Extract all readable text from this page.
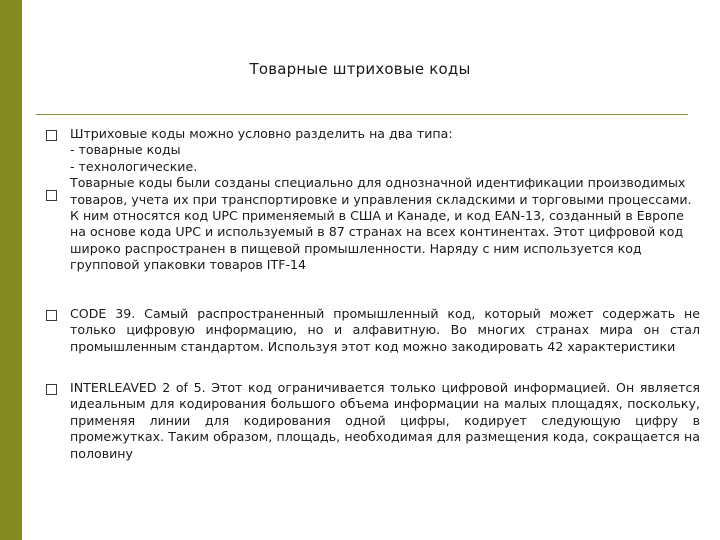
Товарные штриховые коды

Штриховые коды можно условно разделить на два типа:
- товарные коды
- технологические.
Товарные коды были созданы специально для однозначной идентификации производимых товаров, учета их при транспортировке и управления складскими и торговыми процессами. К ним относятся код UPC применяемый в США и Канаде, и код EAN-13, созданный в Европе на основе кода UPC и используемый в 87 странах на всех континентах. Этот цифровой код широко распространен в пищевой промышленности. Наряду с ним используется код групповой упаковки товаров ITF-14

CODE 39. Самый распространенный промышленный код, который может содержать не только цифровую информацию, но и алфавитную. Во многих странах мира он стал промышленным стандартом. Используя этот код можно закодировать 42 характеристики

INTERLEAVED 2 of 5. Этот код ограничивается только цифровой информацией. Он является идеальным для кодирования большого объема информации на малых площадях, поскольку, применяя линии для кодирования одной цифры, кодирует следующую цифру в промежутках. Таким образом, площадь, необходимая для размещения кода, сокращается на половину
